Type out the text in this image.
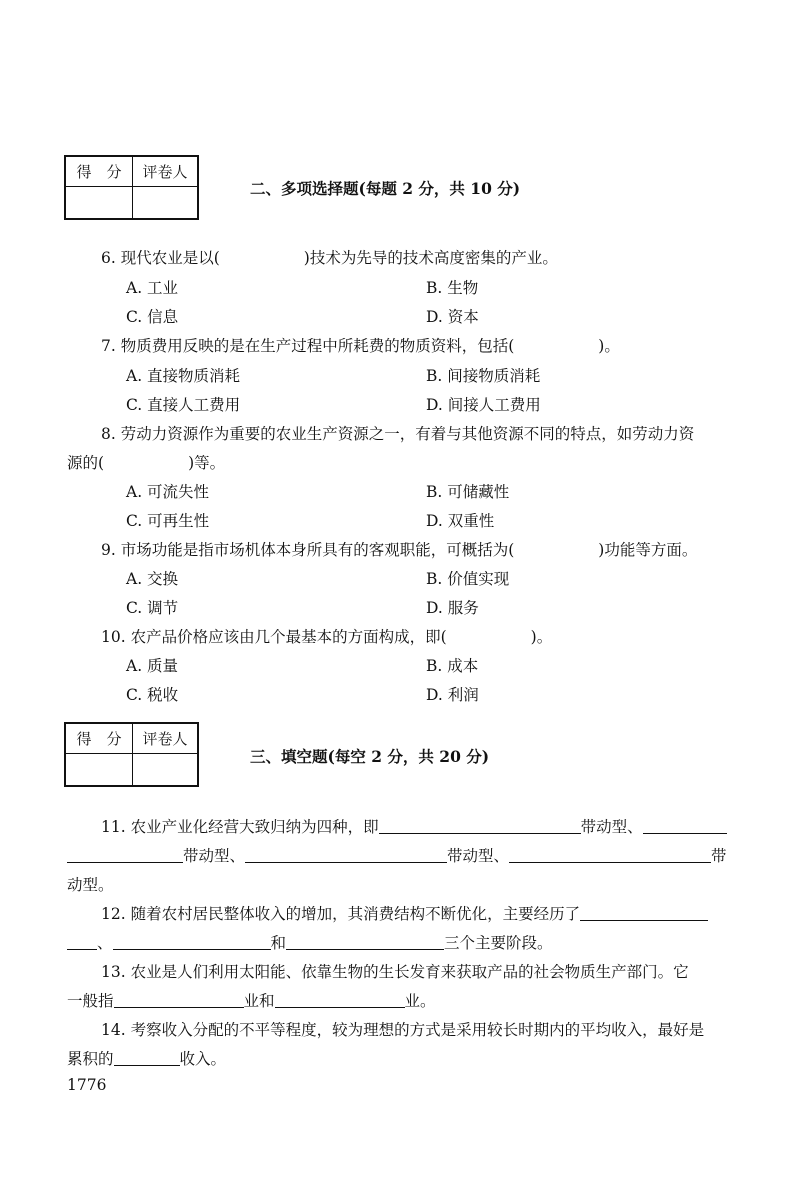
得　分	评卷人

二、多项选择题(每题 2 分，共 10 分)
6. 现代农业是以(	)技术为先导的技术高度密集的产业。
A. 工业	B. 生物
C. 信息	D. 资本
7. 物质费用反映的是在生产过程中所耗费的物质资料，包括(	)。
A. 直接物质消耗	B. 间接物质消耗
C. 直接人工费用	D. 间接人工费用
8. 劳动力资源作为重要的农业生产资源之一，有着与其他资源不同的特点，如劳动力资
源的(	)等。
A. 可流失性	B. 可储藏性
C. 可再生性	D. 双重性
9. 市场功能是指市场机体本身所具有的客观职能，可概括为(	)功能等方面。
A. 交换	B. 价值实现
C. 调节	D. 服务
10. 农产品价格应该由几个最基本的方面构成，即(	)。
A. 质量	B. 成本
C. 税收	D. 利润
得　分	评卷人

三、填空题(每空 2 分，共 20 分)
11. 农业产业化经营大致归纳为四种，即	带动型、
带动型、	带动型、	带
动型。
12. 随着农村居民整体收入的增加，其消费结构不断优化，主要经历了
、	和	三个主要阶段。
13. 农业是人们利用太阳能、依靠生物的生长发育来获取产品的社会物质生产部门。它
一般指	业和	业。
14. 考察收入分配的不平等程度，较为理想的方式是采用较长时期内的平均收入，最好是
累积的	收入。
1776
